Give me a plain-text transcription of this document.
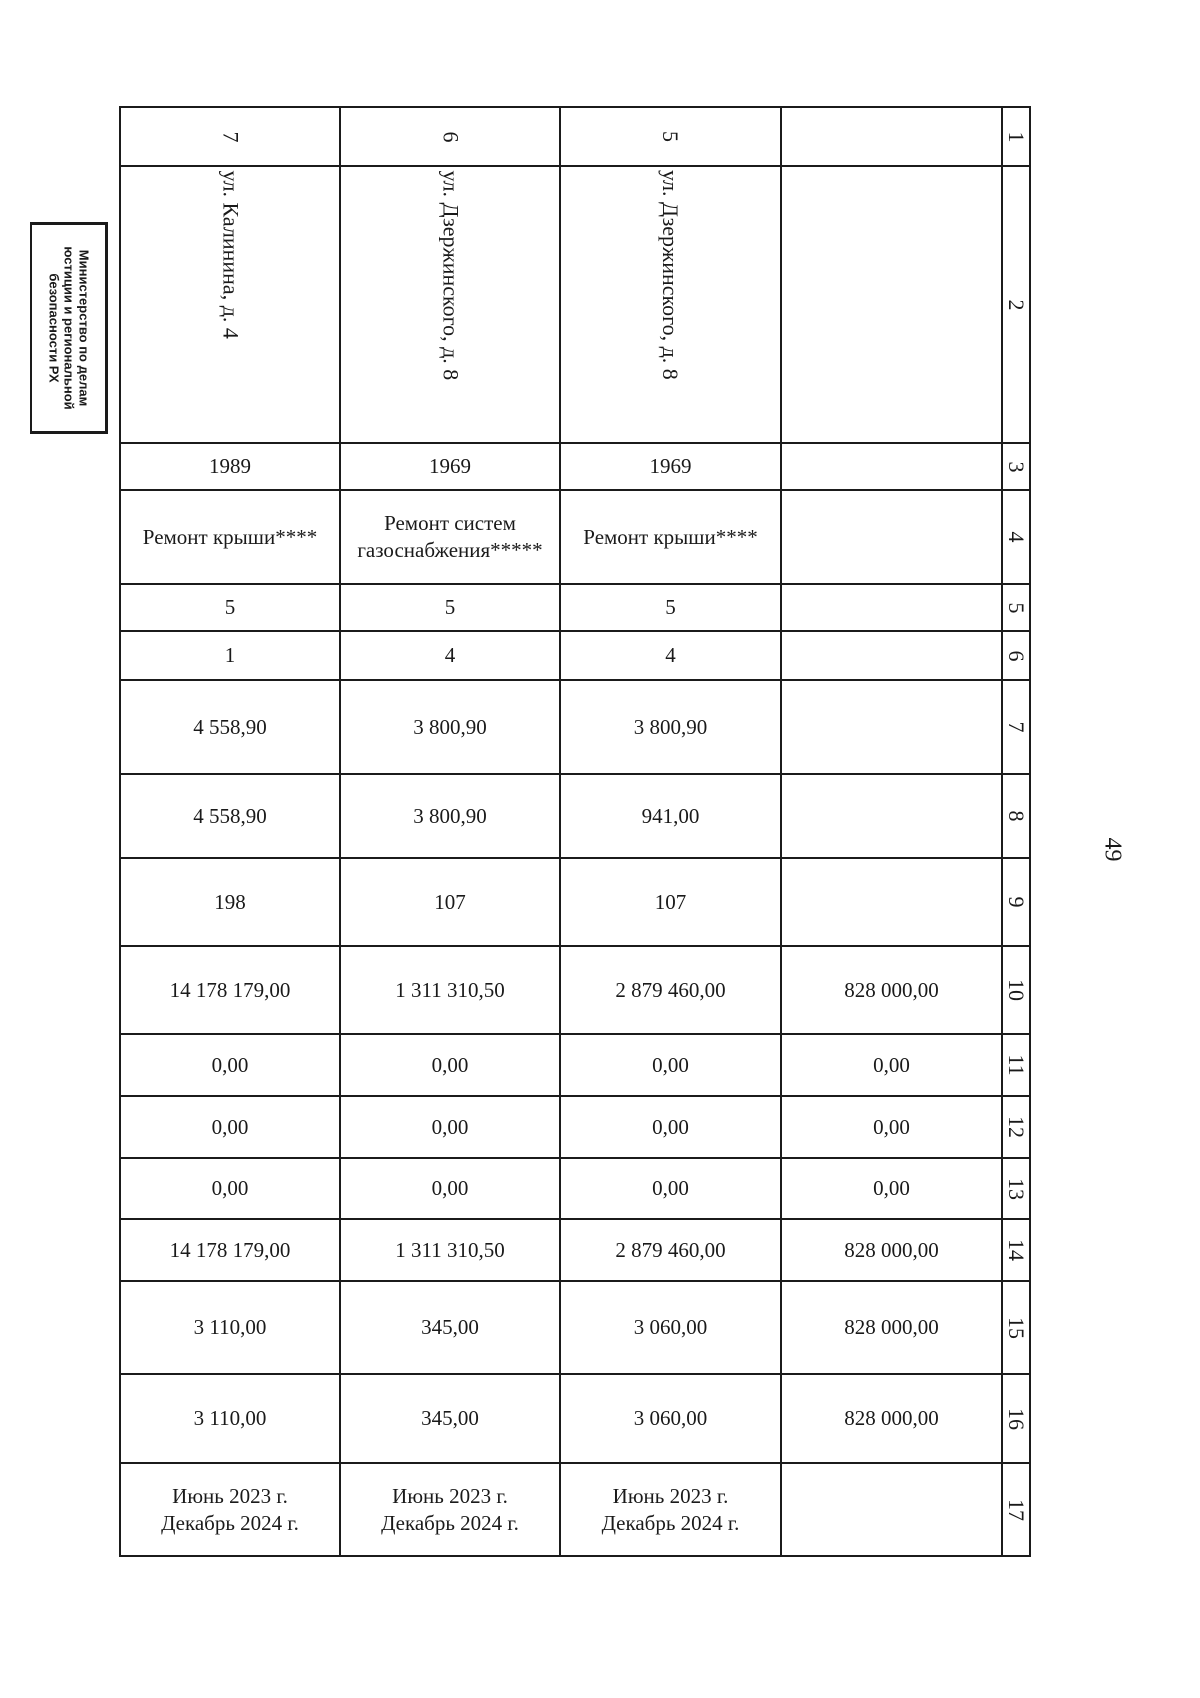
7
ул. Калинина, д. 4
1989
Ремонт крыши****
5
1
4 558,90
4 558,90
198
14 178 179,00
0,00
0,00
0,00
14 178 179,00
3 110,00
3 110,00
Июнь 2023 г.
Декабрь 2024 г.
6
ул. Дзержинского, д. 8
1969
Ремонт систем
газоснабжения*****
5
4
3 800,90
3 800,90
107
1 311 310,50
0,00
0,00
0,00
1 311 310,50
345,00
345,00
Июнь 2023 г.
Декабрь 2024 г.
5
ул. Дзержинского, д. 8
1969
Ремонт крыши****
5
4
3 800,90
941,00
107
2 879 460,00
0,00
0,00
0,00
2 879 460,00
3 060,00
3 060,00
Июнь 2023 г.
Декабрь 2024 г.
828 000,00
0,00
0,00
0,00
828 000,00
828 000,00
828 000,00
1
2
3
4
5
6
7
8
9
10
11
12
13
14
15
16
17
Министерство по делам
юстиции и региональной
безопасности РХ
49
